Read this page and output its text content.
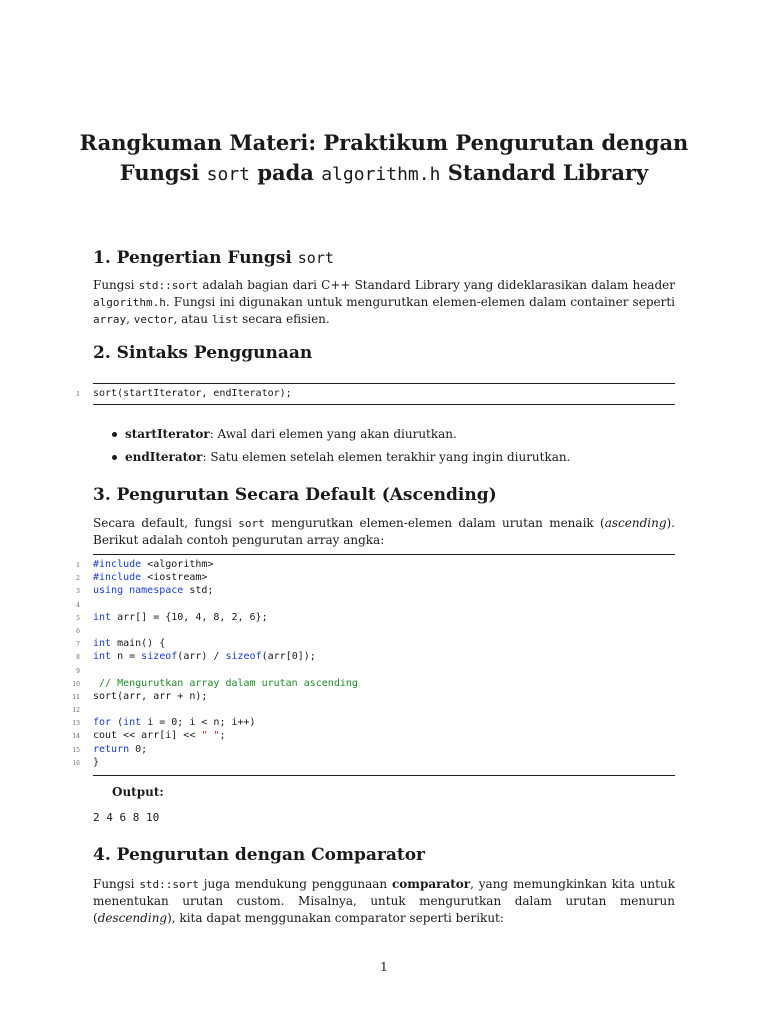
Rangkuman Materi: Praktikum Pengurutan dengan
Fungsi sort pada algorithm.h Standard Library
1. Pengertian Fungsi sort

Fungsi std::sort adalah bagian dari C++ Standard Library yang dideklarasikan dalam header algorithm.h. Fungsi ini digunakan untuk mengurutkan elemen-elemen dalam container seperti array, vector, atau list secara efisien.

2. Sintaks Penggunaan
1 sort(startIterator, endIterator);
startIterator: Awal dari elemen yang akan diurutkan.
endIterator: Satu elemen setelah elemen terakhir yang ingin diurutkan.
3. Pengurutan Secara Default (Ascending)

Secara default, fungsi sort mengurutkan elemen-elemen dalam urutan menaik (ascending). Berikut adalah contoh pengurutan array angka:

1 #include <algorithm>
2 #include <iostream>
3 using namespace std;
4
5 int arr[] = {10, 4, 8, 2, 6};
6
7 int main() {
8 int n = sizeof(arr) / sizeof(arr[0]);
9
10 // Mengurutkan array dalam urutan ascending
11 sort(arr, arr + n);
12
13 for (int i = 0; i < n; i++)
14 cout << arr[i] << " ";
15 return 0;
16 }
Output:
2 4 6 8 10
4. Pengurutan dengan Comparator

Fungsi std::sort juga mendukung penggunaan comparator, yang memungkinkan kita untuk menentukan urutan custom. Misalnya, untuk mengurutkan dalam urutan menurun (descending), kita dapat menggunakan comparator seperti berikut:

1
